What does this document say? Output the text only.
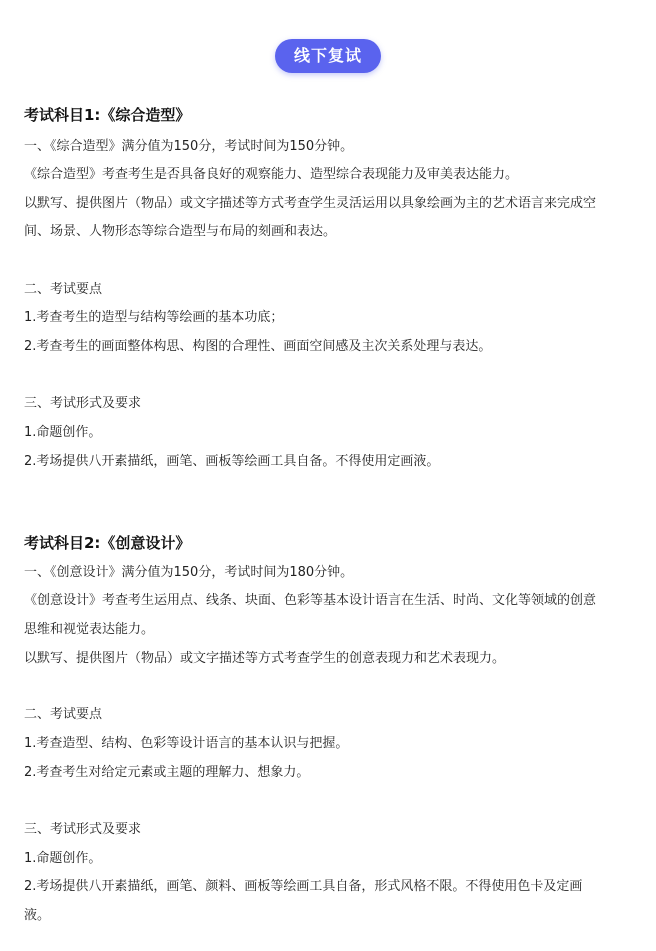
线下复试
考试科目1:《综合造型》
一、《综合造型》满分值为150分，考试时间为150分钟。
《综合造型》考查考生是否具备良好的观察能力、造型综合表现能力及审美表达能力。
以默写、提供图片（物品）或文字描述等方式考查学生灵活运用以具象绘画为主的艺术语言来完成空
间、场景、人物形态等综合造型与布局的刻画和表达。
二、考试要点
1.考查考生的造型与结构等绘画的基本功底；
2.考查考生的画面整体构思、构图的合理性、画面空间感及主次关系处理与表达。
三、考试形式及要求
1.命题创作。
2.考场提供八开素描纸，画笔、画板等绘画工具自备。不得使用定画液。
考试科目2:《创意设计》
一、《创意设计》满分值为150分，考试时间为180分钟。
《创意设计》考查考生运用点、线条、块面、色彩等基本设计语言在生活、时尚、文化等领域的创意
思维和视觉表达能力。
以默写、提供图片（物品）或文字描述等方式考查学生的创意表现力和艺术表现力。
二、考试要点
1.考查造型、结构、色彩等设计语言的基本认识与把握。
2.考查考生对给定元素或主题的理解力、想象力。
三、考试形式及要求
1.命题创作。
2.考场提供八开素描纸，画笔、颜料、画板等绘画工具自备，形式风格不限。不得使用色卡及定画
液。
